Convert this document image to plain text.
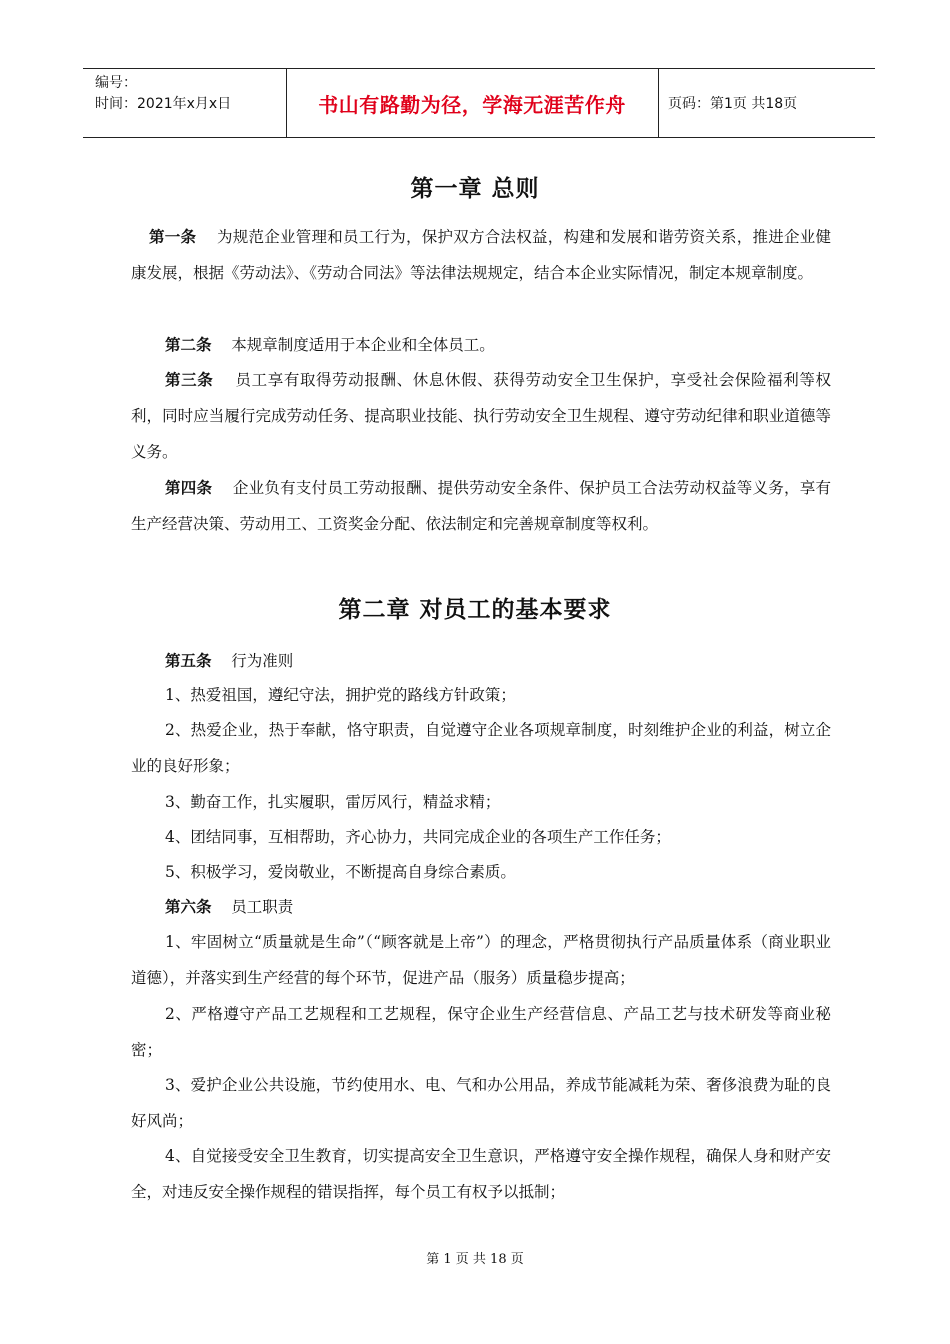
编号：
时间：2021年x月x日	书山有路勤为径，学海无涯苦作舟	页码：第1页 共18页
第一章 总则

第一条 为规范企业管理和员工行为，保护双方合法权益，构建和发展和谐劳资关系，推进企业健康发展，根据《劳动法》、《劳动合同法》等法律法规规定，结合本企业实际情况，制定本规章制度。

第二条 本规章制度适用于本企业和全体员工。

第三条 员工享有取得劳动报酬、休息休假、获得劳动安全卫生保护，享受社会保险福利等权利，同时应当履行完成劳动任务、提高职业技能、执行劳动安全卫生规程、遵守劳动纪律和职业道德等义务。

第四条 企业负有支付员工劳动报酬、提供劳动安全条件、保护员工合法劳动权益等义务，享有生产经营决策、劳动用工、工资奖金分配、依法制定和完善规章制度等权利。

第二章 对员工的基本要求

第五条 行为准则

1、热爱祖国，遵纪守法，拥护党的路线方针政策；

2、热爱企业，热于奉献，恪守职责，自觉遵守企业各项规章制度，时刻维护企业的利益，树立企业的良好形象；

3、勤奋工作，扎实履职，雷厉风行，精益求精；

4、团结同事，互相帮助，齐心协力，共同完成企业的各项生产工作任务；

5、积极学习，爱岗敬业，不断提高自身综合素质。

第六条 员工职责

1、牢固树立“质量就是生命”（“顾客就是上帝”）的理念，严格贯彻执行产品质量体系（商业职业道德），并落实到生产经营的每个环节，促进产品（服务）质量稳步提高；

2、严格遵守产品工艺规程和工艺规程，保守企业生产经营信息、产品工艺与技术研发等商业秘密；

3、爱护企业公共设施，节约使用水、电、气和办公用品，养成节能减耗为荣、奢侈浪费为耻的良好风尚；

4、自觉接受安全卫生教育，切实提高安全卫生意识，严格遵守安全操作规程，确保人身和财产安全，对违反安全操作规程的错误指挥，每个员工有权予以抵制；

第 1 页 共 18 页
